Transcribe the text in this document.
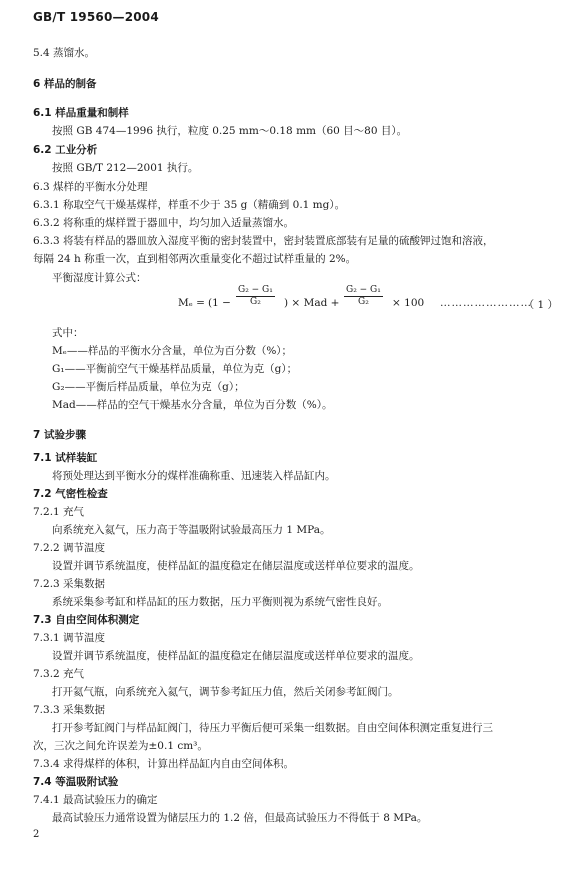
GB/T 19560—2004
5.4 蒸馏水。
6 样品的制备
6.1 样品重量和制样
按照 GB 474—1996 执行，粒度 0.25 mm～0.18 mm（60 目～80 目）。
6.2 工业分析
按照 GB/T 212—2001 执行。
6.3 煤样的平衡水分处理
6.3.1 称取空气干燥基煤样，样重不少于 35 g（精确到 0.1 mg）。
6.3.2 将称重的煤样置于器皿中，均匀加入适量蒸馏水。
6.3.3 将装有样品的器皿放入湿度平衡的密封装置中，密封装置底部装有足量的硫酸钾过饱和溶液，
每隔 24 h 称重一次，直到相邻两次重量变化不超过试样重量的 2%。
平衡湿度计算公式：
式中：
Mₑ——样品的平衡水分含量，单位为百分数（%）；
G₁——平衡前空气干燥基样品质量，单位为克（g）；
G₂——平衡后样品质量，单位为克（g）；
Mad——样品的空气干燥基水分含量，单位为百分数（%）。
7 试验步骤
7.1 试样装缸
将预处理达到平衡水分的煤样准确称重、迅速装入样品缸内。
7.2 气密性检查
7.2.1 充气
向系统充入氦气，压力高于等温吸附试验最高压力 1 MPa。
7.2.2 调节温度
设置并调节系统温度，使样品缸的温度稳定在储层温度或送样单位要求的温度。
7.2.3 采集数据
系统采集参考缸和样品缸的压力数据，压力平衡则视为系统气密性良好。
7.3 自由空间体积测定
7.3.1 调节温度
设置并调节系统温度，使样品缸的温度稳定在储层温度或送样单位要求的温度。
7.3.2 充气
打开氦气瓶，向系统充入氦气，调节参考缸压力值，然后关闭参考缸阀门。
7.3.3 采集数据
打开参考缸阀门与样品缸阀门，待压力平衡后便可采集一组数据。自由空间体积测定重复进行三
次，三次之间允许误差为±0.1 cm³。
7.3.4 求得煤样的体积，计算出样品缸内自由空间体积。
7.4 等温吸附试验
7.4.1 最高试验压力的确定
最高试验压力通常设置为储层压力的 1.2 倍，但最高试验压力不得低于 8 MPa。
$M_e = (1 - \frac{\text{G₂ − G₁}}{\text{G₂}}$ ) × Mad + $\frac{\text{G₂ − G₁}}{\text{G₂}} \times 100$ ……………………
（ 1 ）
2
